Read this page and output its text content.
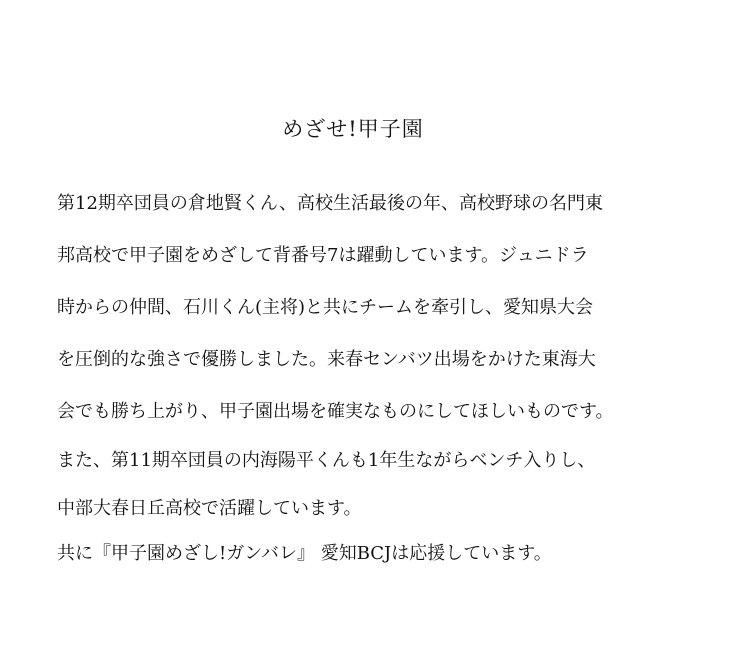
めざせ!甲子園
第12期卒団員の倉地賢くん、高校生活最後の年、高校野球の名門東
邦高校で甲子園をめざして背番号7は躍動しています。ジュニドラ
時からの仲間、石川くん(主将)と共にチームを牽引し、愛知県大会
を圧倒的な強さで優勝しました。来春センバツ出場をかけた東海大
会でも勝ち上がり、甲子園出場を確実なものにしてほしいものです。
また、第11期卒団員の内海陽平くんも1年生ながらベンチ入りし、
中部大春日丘高校で活躍しています。
共に『甲子園めざし!ガンバレ』 愛知BCJは応援しています。
